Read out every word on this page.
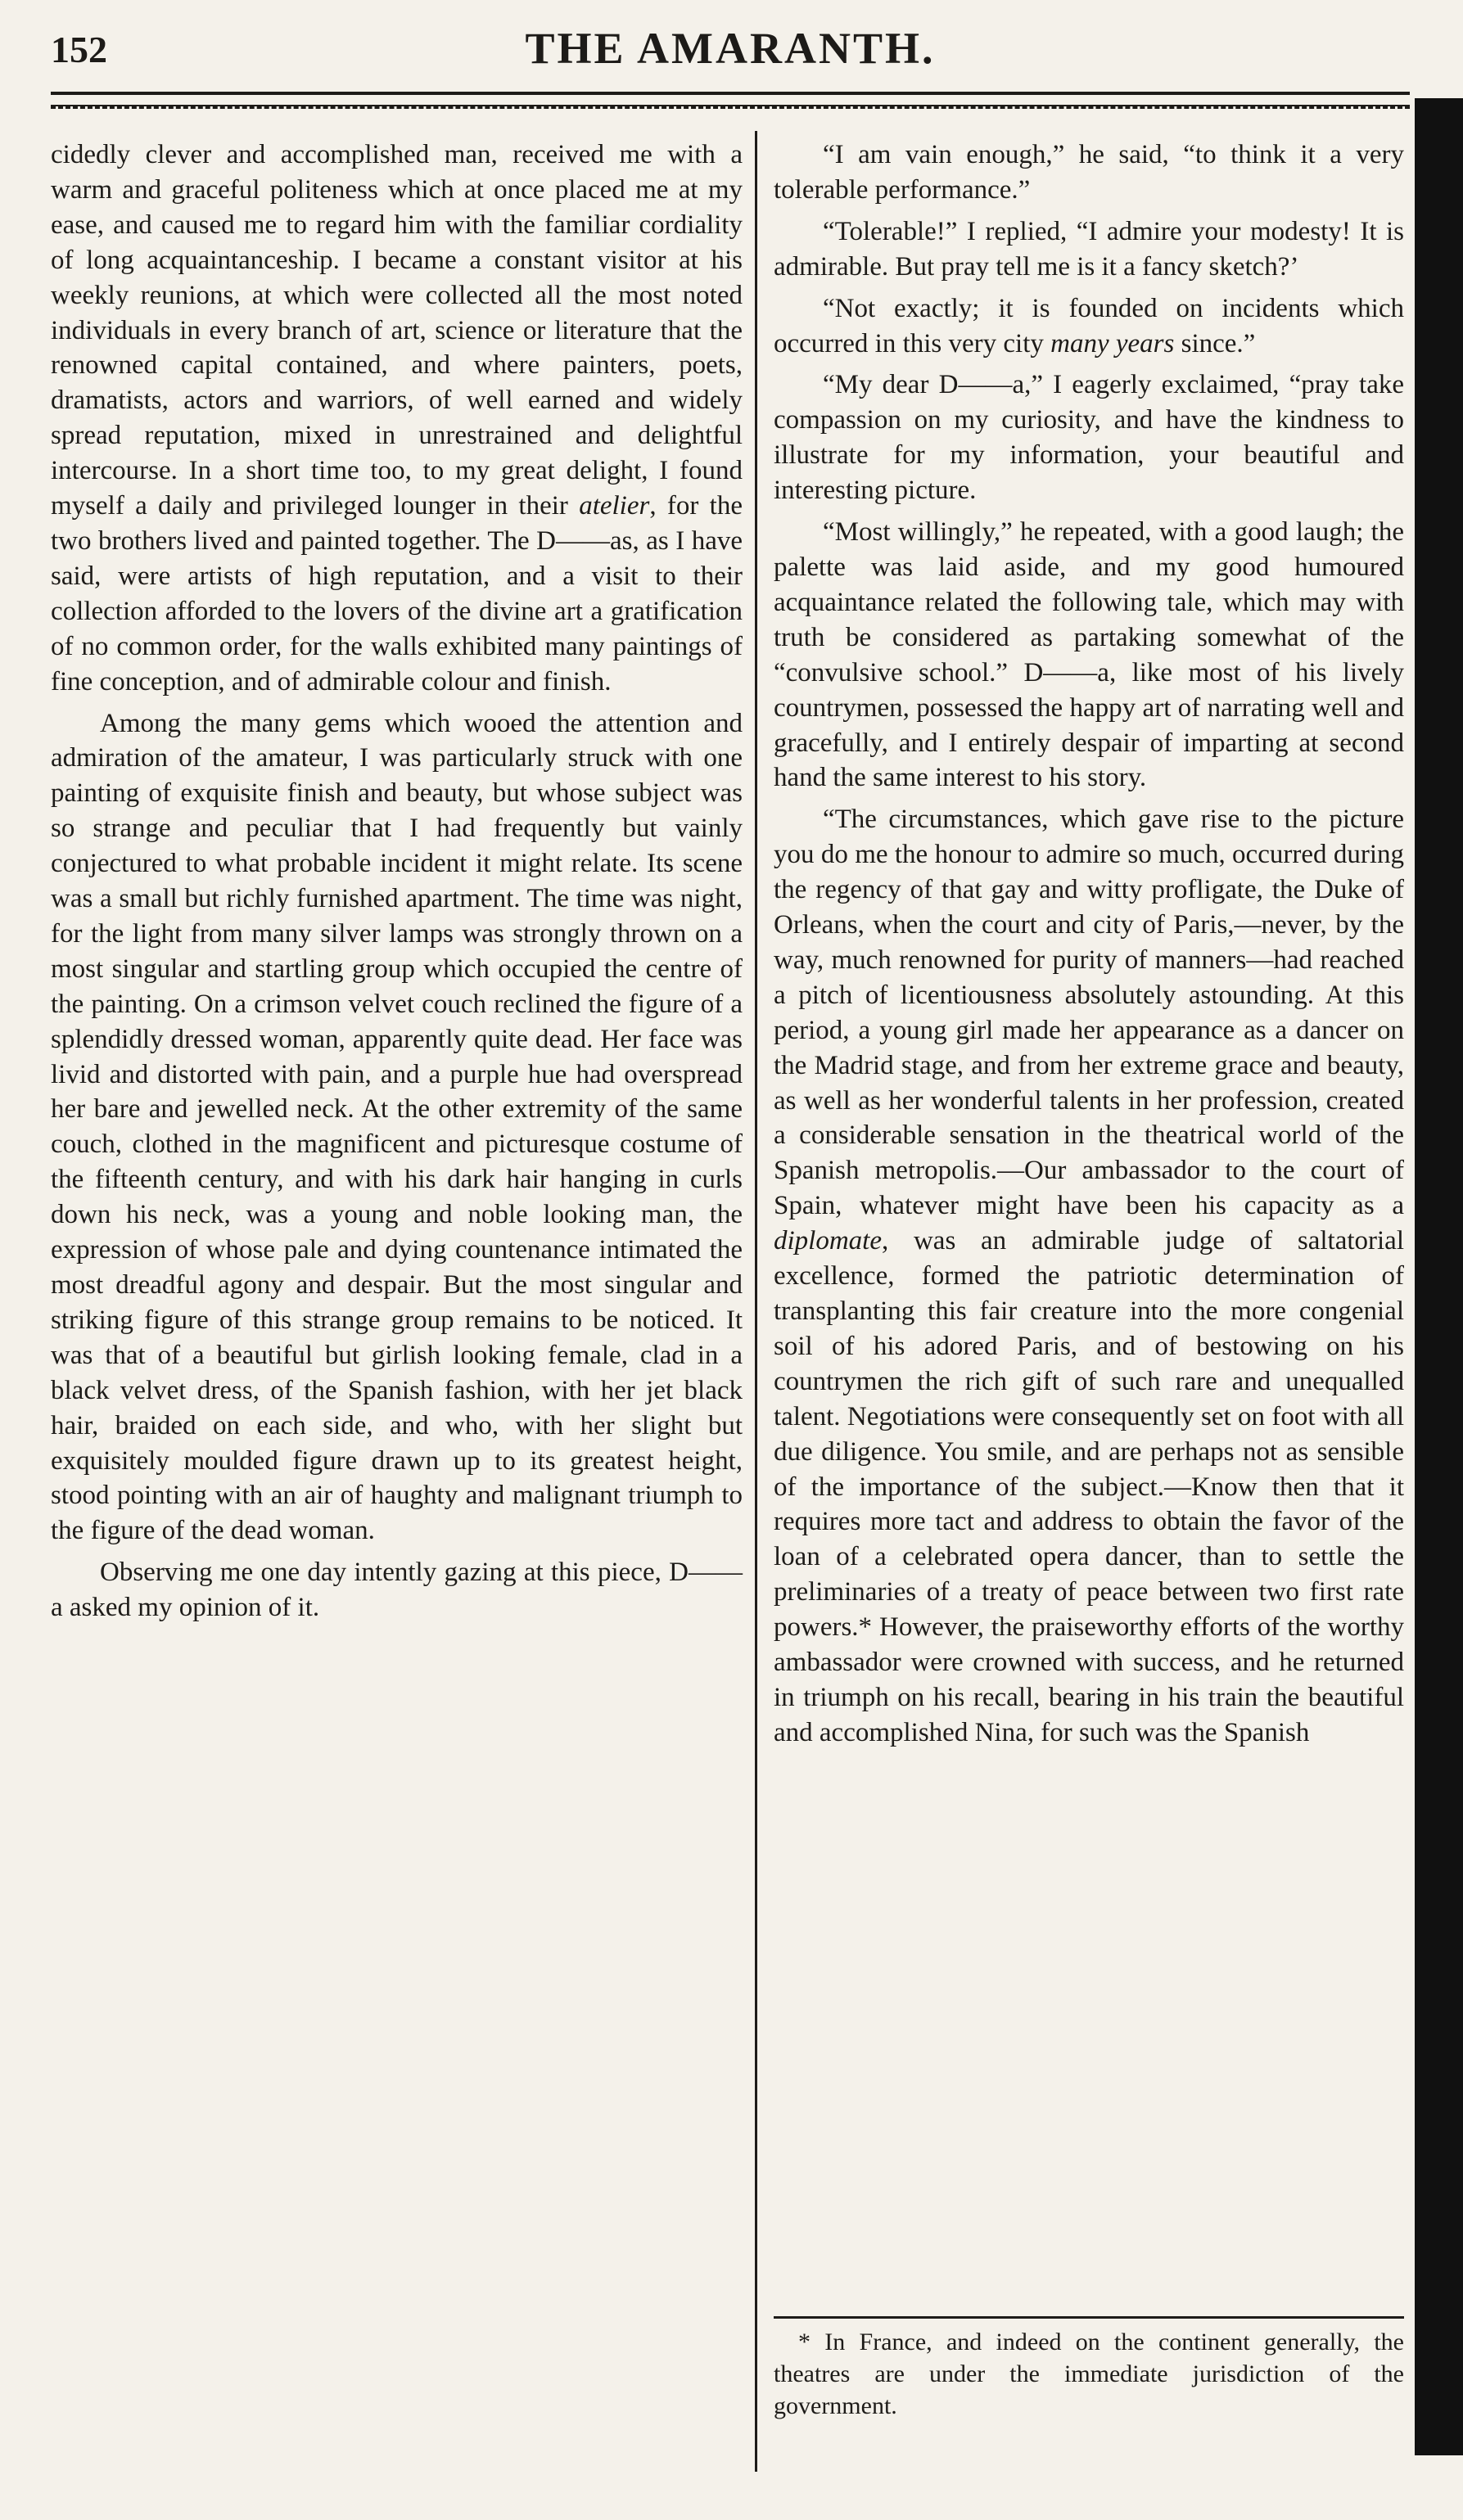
152	THE AMARANTH.

cidedly clever and accomplished man, received me with a warm and graceful politeness which at once placed me at my ease, and caused me to regard him with the familiar cordiality of long acquaintanceship. I became a constant visitor at his weekly reunions, at which were collected all the most noted individuals in every branch of art, science or literature that the renowned capital contained, and where painters, poets, dramatists, actors and warriors, of well earned and widely spread reputation, mixed in unrestrained and delightful intercourse. In a short time too, to my great delight, I found myself a daily and privileged lounger in their atelier, for the two brothers lived and painted together. The D——as, as I have said, were artists of high reputation, and a visit to their collection afforded to the lovers of the divine art a gratification of no common order, for the walls exhibited many paintings of fine conception, and of admirable colour and finish.

Among the many gems which wooed the attention and admiration of the amateur, I was particularly struck with one painting of exquisite finish and beauty, but whose subject was so strange and peculiar that I had frequently but vainly conjectured to what probable incident it might relate. Its scene was a small but richly furnished apartment. The time was night, for the light from many silver lamps was strongly thrown on a most singular and startling group which occupied the centre of the painting. On a crimson velvet couch reclined the figure of a splendidly dressed woman, apparently quite dead. Her face was livid and distorted with pain, and a purple hue had overspread her bare and jewelled neck. At the other extremity of the same couch, clothed in the magnificent and picturesque costume of the fifteenth century, and with his dark hair hanging in curls down his neck, was a young and noble looking man, the expression of whose pale and dying countenance intimated the most dreadful agony and despair. But the most singular and striking figure of this strange group remains to be noticed. It was that of a beautiful but girlish looking female, clad in a black velvet dress, of the Spanish fashion, with her jet black hair, braided on each side, and who, with her slight but exquisitely moulded figure drawn up to its greatest height, stood pointing with an air of haughty and malignant triumph to the figure of the dead woman.

Observing me one day intently gazing at this piece, D——a asked my opinion of it.

“I am vain enough,” he said, “to think it a very tolerable performance.”

“Tolerable!” I replied, “I admire your modesty! It is admirable. But pray tell me is it a fancy sketch?’

“Not exactly; it is founded on incidents which occurred in this very city many years since.”

“My dear D——a,” I eagerly exclaimed, “pray take compassion on my curiosity, and have the kindness to illustrate for my information, your beautiful and interesting picture.

“Most willingly,” he repeated, with a good laugh; the palette was laid aside, and my good humoured acquaintance related the following tale, which may with truth be considered as partaking somewhat of the “convulsive school.” D——a, like most of his lively countrymen, possessed the happy art of narrating well and gracefully, and I entirely despair of imparting at second hand the same interest to his story.

“The circumstances, which gave rise to the picture you do me the honour to admire so much, occurred during the regency of that gay and witty profligate, the Duke of Orleans, when the court and city of Paris,—never, by the way, much renowned for purity of manners—had reached a pitch of licentiousness absolutely astounding. At this period, a young girl made her appearance as a dancer on the Madrid stage, and from her extreme grace and beauty, as well as her wonderful talents in her profession, created a considerable sensation in the theatrical world of the Spanish metropolis.—Our ambassador to the court of Spain, whatever might have been his capacity as a diplomate, was an admirable judge of saltatorial excellence, formed the patriotic determination of transplanting this fair creature into the more congenial soil of his adored Paris, and of bestowing on his countrymen the rich gift of such rare and unequalled talent. Negotiations were consequently set on foot with all due diligence. You smile, and are perhaps not as sensible of the importance of the subject.—Know then that it requires more tact and address to obtain the favor of the loan of a celebrated opera dancer, than to settle the preliminaries of a treaty of peace between two first rate powers.* However, the praiseworthy efforts of the worthy ambassador were crowned with success, and he returned in triumph on his recall, bearing in his train the beautiful and accomplished Nina, for such was the Spanish

* In France, and indeed on the continent generally, the theatres are under the immediate jurisdiction of the government.
